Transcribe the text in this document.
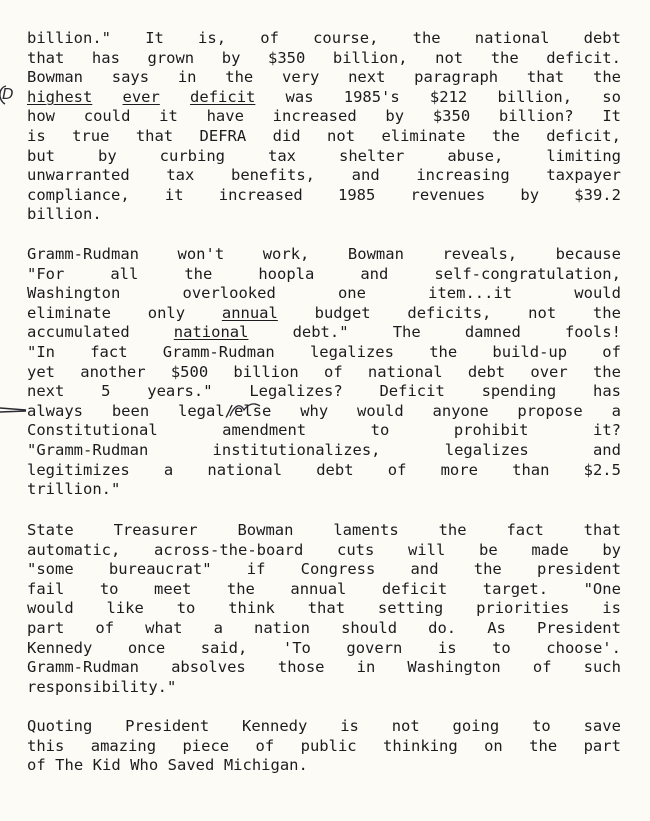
billion." It is, of course, the national debt
that has grown by $350 billion, not the deficit.
Bowman says in the very next paragraph that the
highest ever deficit was 1985's $212 billion, so
how could it have increased by $350 billion? It
is true that DEFRA did not eliminate the deficit,
but	by	curbing	tax	shelter	abuse,	limiting
unwarranted tax benefits, and increasing taxpayer
compliance, it increased 1985 revenues by $39.2
billion.
Gramm-Rudman won't work, Bowman reveals, because
"For	all	the	hoopla	and	self-congratulation,
Washington	overlooked	one	item...it	would
eliminate only annual budget deficits, not the
accumulated	national	debt."	The	damned	fools!
"In fact Gramm-Rudman legalizes the build-up of
yet another $500 billion of national debt over the
next 5 years." Legalizes? Deficit spending has
always been legal/else why would anyone propose a
Constitutional	amendment	to	prohibit	it?
"Gramm-Rudman	institutionalizes,	legalizes	and
legitimizes a national debt of more than $2.5
trillion."
State	Treasurer	Bowman	laments	the	fact	that
automatic, across-the-board cuts will be made by
"some bureaucrat" if Congress and the president
fail to meet the annual deficit target. "One
would like to think that setting priorities is
part of what a nation should do. As President
Kennedy once said, 'To govern is to choose'.
Gramm-Rudman absolves those in Washington of such
responsibility."
Quoting President Kennedy is not going to save
this amazing piece of public thinking on the part
of The Kid Who Saved Michigan.
D
